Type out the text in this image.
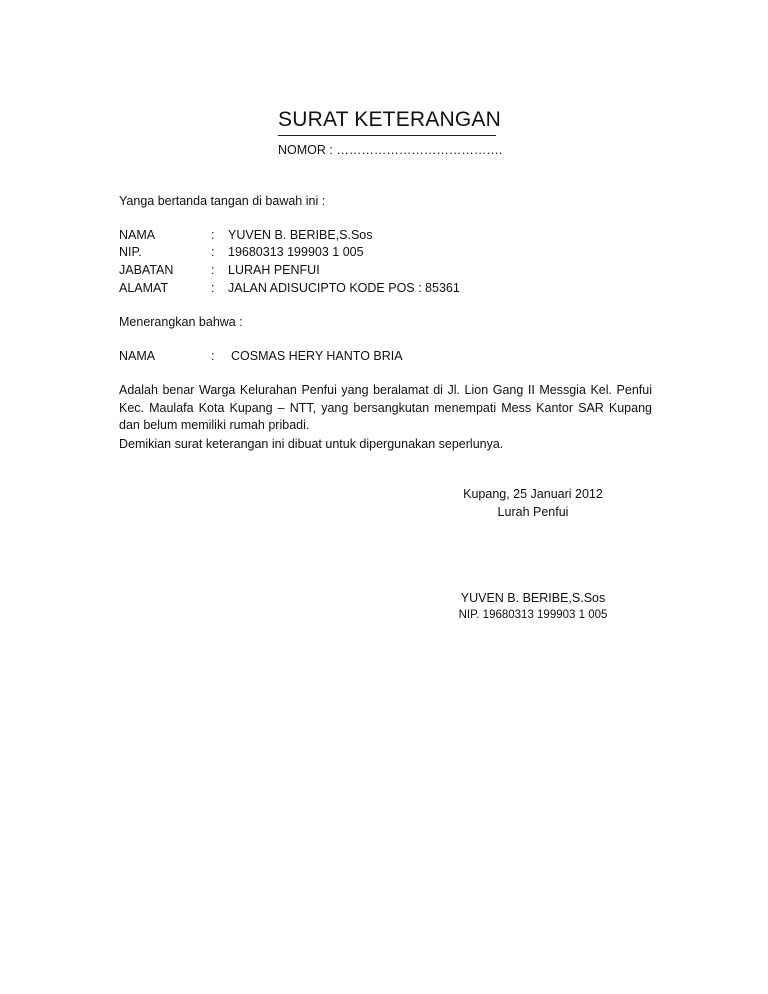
SURAT KETERANGAN
NOMOR : ………………………………….
Yanga bertanda tangan di bawah ini :
NAMA	: YUVEN B. BERIBE,S.Sos
NIP.	: 19680313 199903 1 005
JABATAN	: LURAH PENFUI
ALAMAT	: JALAN ADISUCIPTO KODE POS : 85361
Menerangkan bahwa :
NAMA	: COSMAS HERY HANTO BRIA
Adalah benar Warga Kelurahan Penfui yang beralamat di Jl. Lion Gang II Messgia Kel. Penfui
Kec. Maulafa Kota Kupang – NTT, yang bersangkutan menempati Mess Kantor SAR Kupang
dan belum memiliki rumah pribadi.
Demikian surat keterangan ini dibuat untuk dipergunakan seperlunya.
Kupang, 25 Januari 2012
Lurah Penfui
YUVEN B. BERIBE,S.Sos
NIP. 19680313 199903 1 005
